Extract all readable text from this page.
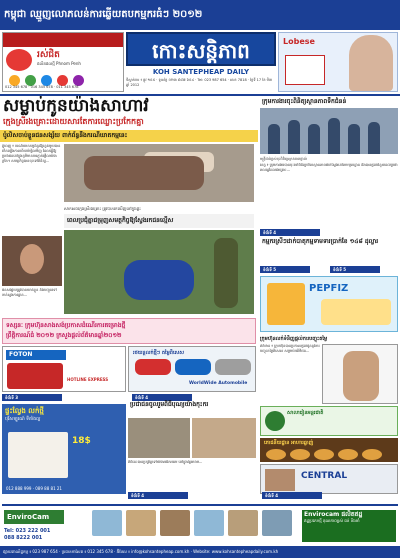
កម្ពុជា ឈ្មួញលោភលន់ការឆ្លើយតបកម្មករធំៗ ២០១២
រស់ជិត
ផលិតផលថ្មី Phnom Penh
012 345 678 · 016 345 678 · 011 345 678
កោះសន្តិភាព
KOH SANTEPHEAP DAILY
ទីស្នាក់ការ ៖ ផ្លូវ ១៥៥ · ទូរស័ព្ទ ០២៣ ៩៨៧ ៦៥៤ · Tel: 023 987 654 · លេខ 7818 · ថ្ងៃទី 17 ខែ មីនា ឆ្នាំ 2012
Lobese
សម្លាប់កូនយ៉ាងសាហាវ
ក្មេងស្រីរងគ្រោះដោយសារតែការឈ្លោះប្រកែកគ្នា
ប៉ូលិសចាប់ខ្លួនជនសង្ស័យ ពាក់ព័ន្ធនឹងករណីឃាតកម្មនេះ
ភ្នំពេញ ៖ ករណីឃាតកម្មដ៏គួរឱ្យរន្ធត់មួយបានកើតឡើងកាលពីយប់ម្សិលមិញ ដែលធ្វើឱ្យប្រជាជននៅក្នុងភូមិមានការភ្ញាក់ផ្អើលយ៉ាងខ្លាំង។ សមត្ថកិច្ចបានចុះទៅពិនិត្យ...
សាកសពក្មេងស្រីរងគ្រោះ ត្រូវបានរកឃើញនៅក្នុងផ្ទះ
ពេលប្រជុំគ្នាជម្រុញសមត្ថកិច្ចឱ្យស្វែងរកជនល្មើស
ជនសង្ស័យត្រូវបានឃាត់ខ្លួន និងបញ្ជូនទៅកាន់ស្នងការដ្ឋាន...
ទស្សនៈ ក្រុមហ៊ុនសាងសង់ប្រកាសដំណើរការគម្រោងថ្មី
ព្រឹត្តិការណ៍ធំ ២០១២ ក្រសួងផ្តល់ព័ត៌មានឆ្នាំ២០១២
ក្រុមការងារចុះពិនិត្យស្ថានភាពទឹកជំនន់
មន្ត្រីជាន់ខ្ពស់ចុះពិនិត្យស្ថានភាពផ្ទាល់
ខេត្ត ៖ ក្រុមការងារបានចុះទៅពិនិត្យមើលស្ថានភាពជាក់ស្តែងនៅតាមមូលដ្ឋាន និងបានផ្តល់ជំនួយដល់ប្រជាពលរដ្ឋដែលរងគ្រោះ...
ទំព័រទី 4
កម្មករស្រីៗដាក់បាតុកម្មទាមទារប្រាក់ខែ ១៤៨ ដុល្លារ
ទំព័រទី 5	ទំព័រទី 5
PEPFIZ
FOTON
HOTLINE EXPRESS
រថយន្តលក់ថ្មីៗ តម្លៃពិសេស
WorldWide Automobile
ក្រុមហ៊ុនលក់ទំនិញផ្តល់ការបញ្ចុះតម្លៃ
ព័ត៌មាន ៖ ក្រុមហ៊ុនបានប្រកាសផ្តល់ជូននូវការបញ្ចុះតម្លៃពិសេស សម្រាប់អតិថិជន...
ទំព័រទី 3	ទំព័រទី 4
ផ្ទះល្វែង លក់ថ្មី
បុរីសម្បូរណ៍ ទីតាំងល្អ
18$
012 888 999 · 089 88 81 21
ប្រជាជនចូលរួមពិធីបុណ្យយ៉ាងកុះករ
ពិធីនេះបានប្រព្រឹត្តទៅយ៉ាងអធិកអធម នៅក្នុងវត្តអារាម...
សាលារៀនអន្តរជាតិ
ភោជនីយដ្ឋាន អាហារឆ្ងាញ់
CENTRAL
ទំព័រទី 4	ទំព័រទី 4
EnviroCam
Tel: 023 222 001
088 8222 001
Envirocam ផលិតឥដ្ឋ
ឥដ្ឋប្រភេទថ្មី គុណភាពខ្ពស់ ធន់ និងមាំ
ផ្សាយពាណិជ្ជកម្ម ៖ 023 987 654 · ប្រធានកាសែត ៖ 012 345 678 · អ៊ីមែល ៖ info@kohsantepheap.com.kh · Website: www.kohsantepheapdaily.com.kh
